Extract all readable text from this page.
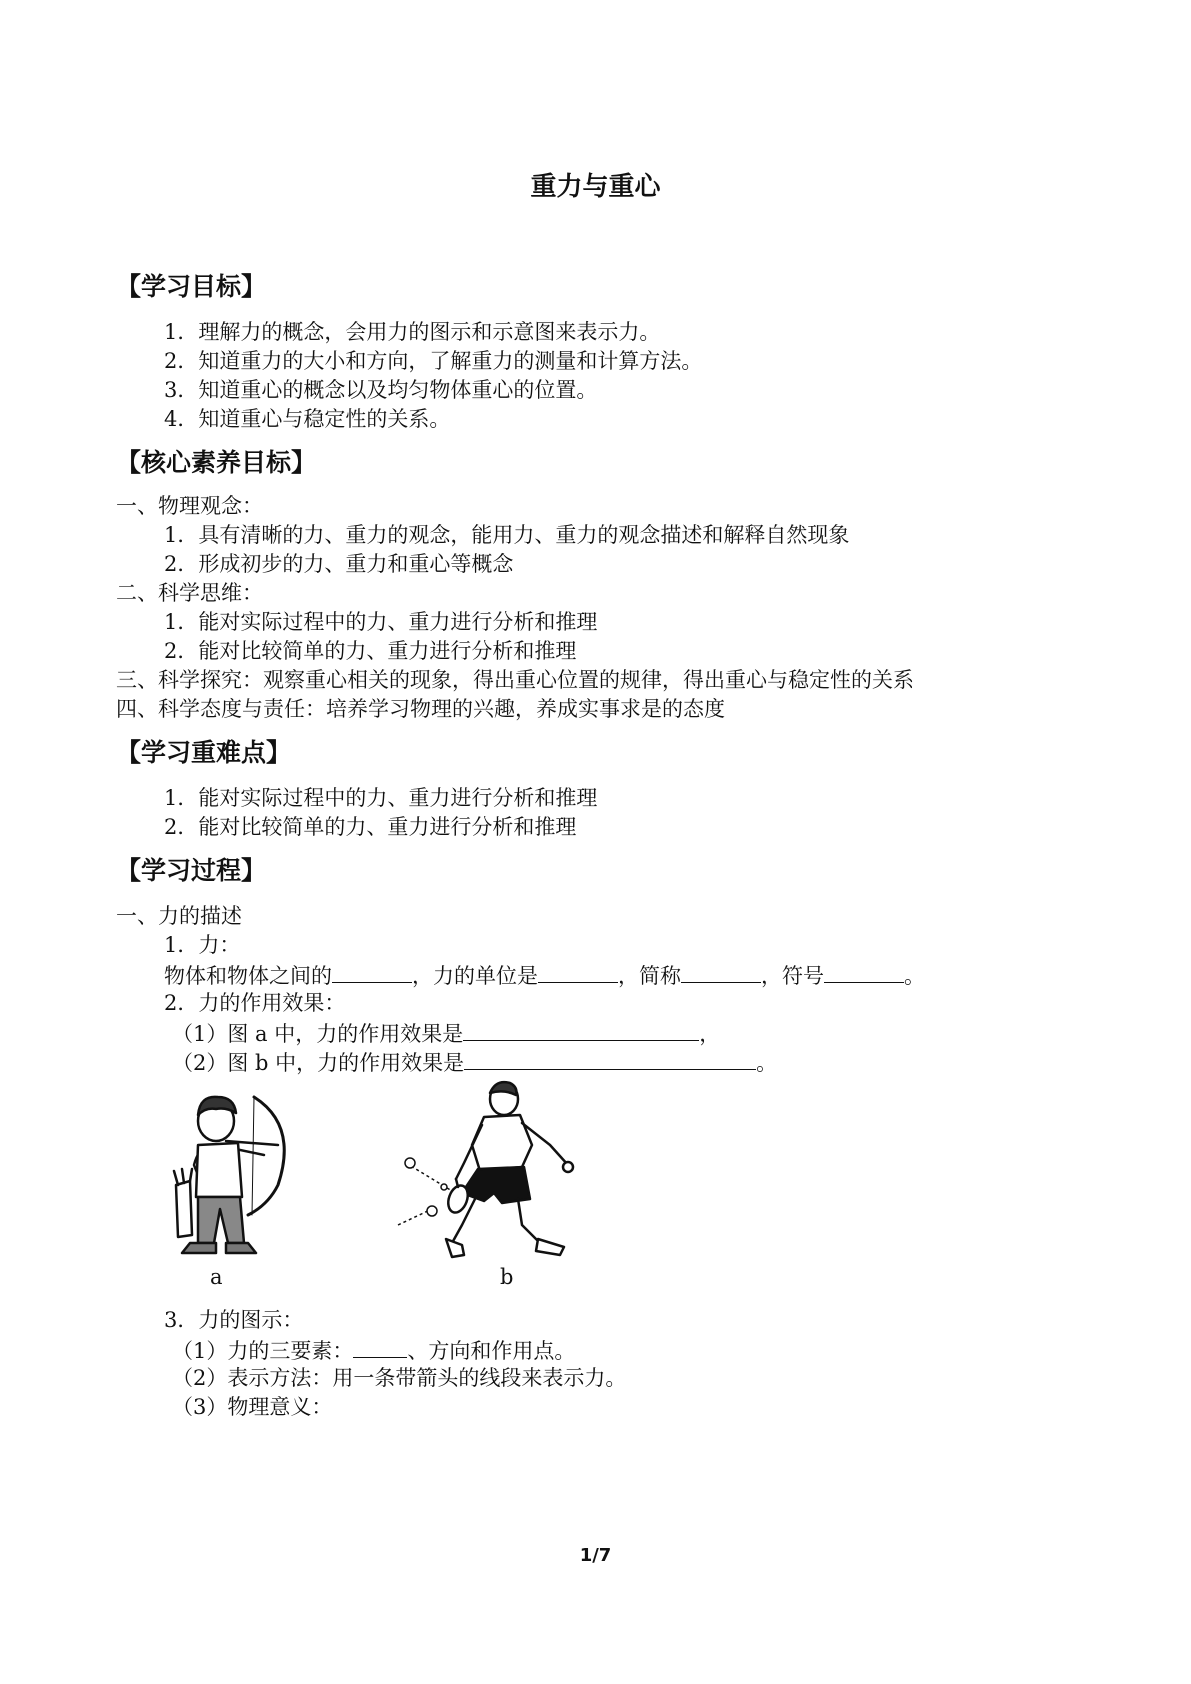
重力与重心
【学习目标】
1．理解力的概念，会用力的图示和示意图来表示力。
2．知道重力的大小和方向，了解重力的测量和计算方法。
3．知道重心的概念以及均匀物体重心的位置。
4．知道重心与稳定性的关系。
【核心素养目标】
一、物理观念：
1．具有清晰的力、重力的观念，能用力、重力的观念描述和解释自然现象
2．形成初步的力、重力和重心等概念
二、科学思维：
1．能对实际过程中的力、重力进行分析和推理
2．能对比较简单的力、重力进行分析和推理
三、科学探究：观察重心相关的现象，得出重心位置的规律，得出重心与稳定性的关系
四、科学态度与责任：培养学习物理的兴趣，养成实事求是的态度
【学习重难点】
1．能对实际过程中的力、重力进行分析和推理
2．能对比较简单的力、重力进行分析和推理
【学习过程】
一、力的描述
1．力：
物体和物体之间的	，力的单位是	，简称	，符号	。
2．力的作用效果：
（1）图 a 中，力的作用效果是	，
（2）图 b 中，力的作用效果是	。
a	b
3．力的图示：
（1）力的三要素：	、方向和作用点。
（2）表示方法：用一条带箭头的线段来表示力。
（3）物理意义：
1/7
